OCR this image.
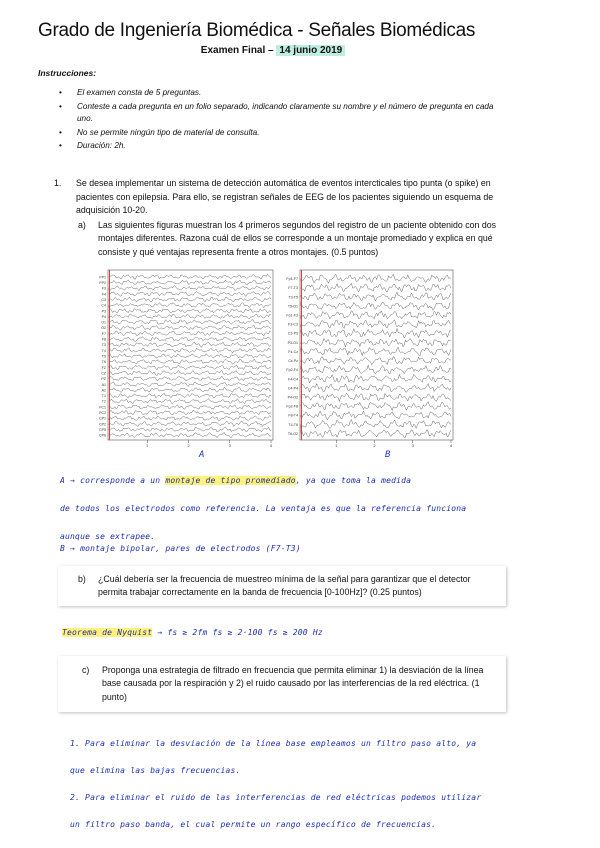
Grado de Ingeniería Biomédica - Señales Biomédicas
Examen Final – 14 junio 2019
Instrucciones:
• El examen consta de 5 preguntas.
• Conteste a cada pregunta en un folio separado, indicando claramente su nombre y el número de pregunta en cada uno.
• No se permite ningún tipo de material de consulta.
• Duración: 2h.
1.	Se desea implementar un sistema de detección automática de eventos intercticales tipo punta (o spike) en pacientes con epilepsia. Para ello, se registran señales de EEG de los pacientes siguiendo un esquema de adquisición 10-20.
a)	Las siguientes figuras muestran los 4 primeros segundos del registro de un paciente obtenido con dos montajes diferentes. Razona cuál de ellos se corresponde a un montaje promediado y explica en qué consiste y qué ventajas representa frente a otros montajes. (0.5 puntos)
FP1
FP2
F3
F4
C3
C4
P3
P4
O1
O2
F7
F8
T3
T4
T5
T6
FZ
CZ
PZ
A1
A2
T1
T2
FC1
FC2
CP1
CP2
CP5
CP6
1	2	3	4
Fp1-F7
F7-T3
T3-T5
T5-O1
Fp1-F3
F3-C3
C3-P3
P3-O1
Fz-Cz
Cz-Pz
Fp2-F4
F4-C4
C4-P4
P4-O2
Fp2-F8
F8-T4
T4-T6
T6-O2
1	2	3	4
A	B
A → corresponde a un montaje de tipo promediado, ya que toma la medida
de todos los electrodos como referencia. La ventaja es que la referencia funciona
aunque se extrapee.
B → montaje bipolar, pares de electrodos (F7-T3)
b)	¿Cuál debería ser la frecuencia de muestreo mínima de la señal para garantizar que el detector permita trabajar correctamente en la banda de frecuencia [0-100Hz]? (0.25 puntos)
Teorema de Nyquist → fs ≥ 2fm fs ≥ 2·100 fs ≥ 200 Hz
c)	Proponga una estrategia de filtrado en frecuencia que permita eliminar 1) la desviación de la línea base causada por la respiración y 2) el ruido causado por las interferencias de la red eléctrica. (1 punto)
1. Para eliminar la desviación de la línea base empleamos un filtro paso alto, ya
que elimina las bajas frecuencias.
2. Para eliminar el ruido de las interferencias de red eléctricas podemos utilizar
un filtro paso banda, el cual permite un rango específico de frecuencias.
